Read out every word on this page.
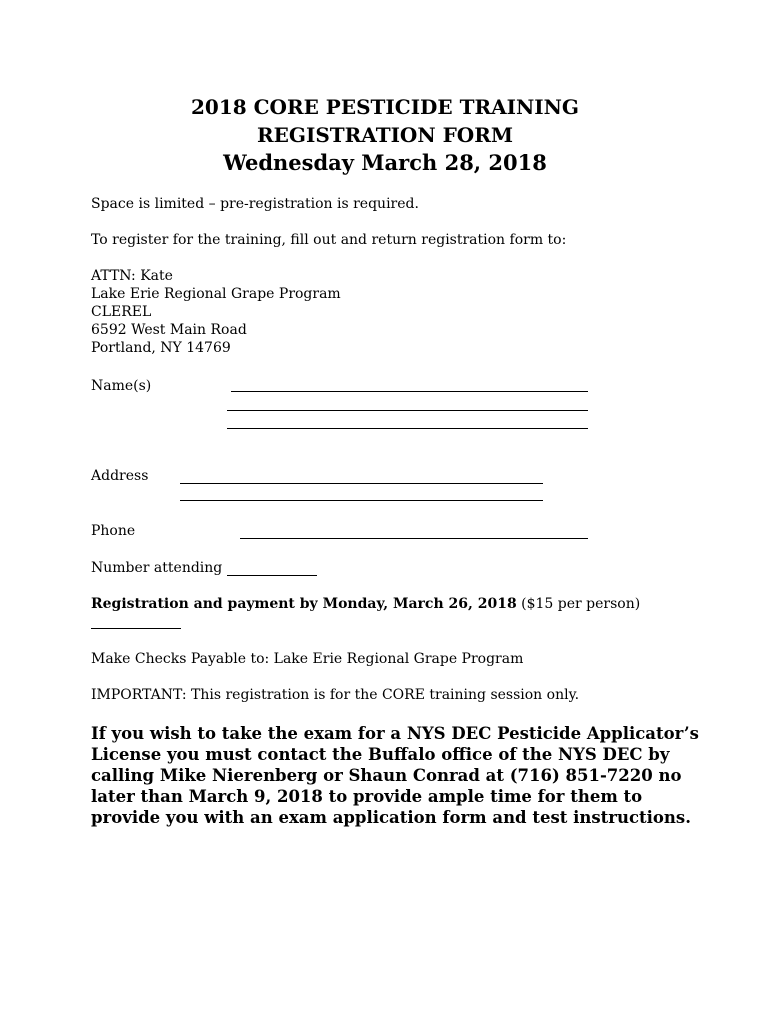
2018 CORE PESTICIDE TRAINING
REGISTRATION FORM
Wednesday March 28, 2018

Space is limited – pre-registration is required.

To register for the training, fill out and return registration form to:

ATTN: Kate

Lake Erie Regional Grape Program

CLEREL

6592 West Main Road

Portland, NY 14769

Name(s)

Address

Phone

Number attending

Registration and payment by Monday, March 26, 2018 ($15 per person)

Make Checks Payable to: Lake Erie Regional Grape Program

IMPORTANT: This registration is for the CORE training session only.

If you wish to take the exam for a NYS DEC Pesticide Applicator’s License you must contact the Buffalo office of the NYS DEC by calling Mike Nierenberg or Shaun Conrad at (716) 851-7220 no later than March 9, 2018 to provide ample time for them to provide you with an exam application form and test instructions.
